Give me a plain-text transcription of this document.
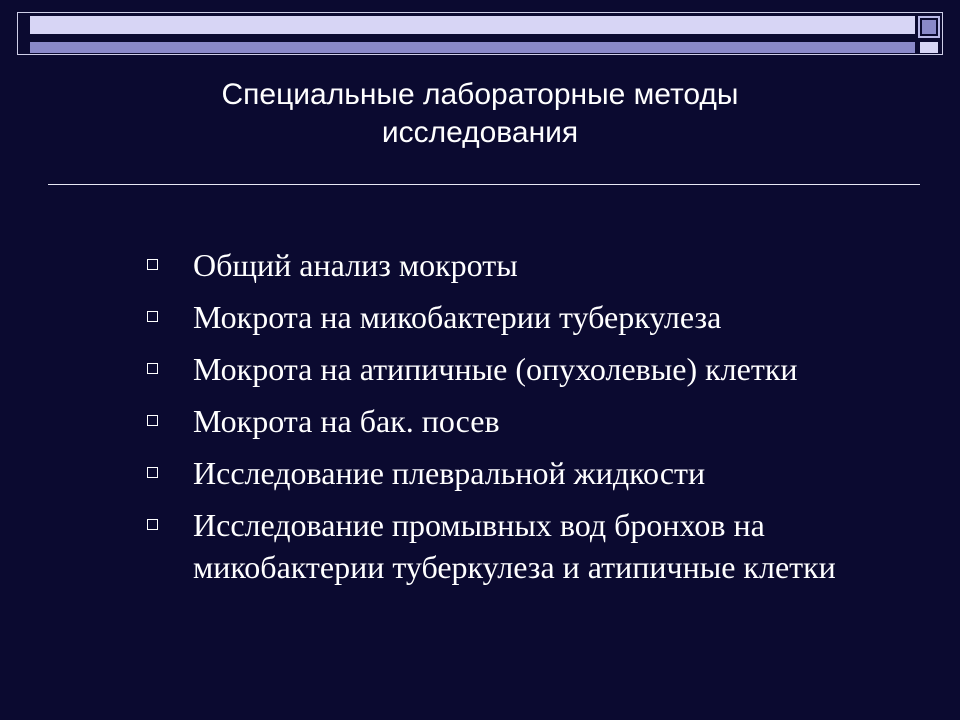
Специальные лабораторные методы
исследования
Общий анализ мокроты
Мокрота на микобактерии туберкулеза
Мокрота на атипичные (опухолевые) клетки
Мокрота на бак. посев
Исследование плевральной жидкости
Исследование промывных вод бронхов на микобактерии туберкулеза и атипичные клетки
